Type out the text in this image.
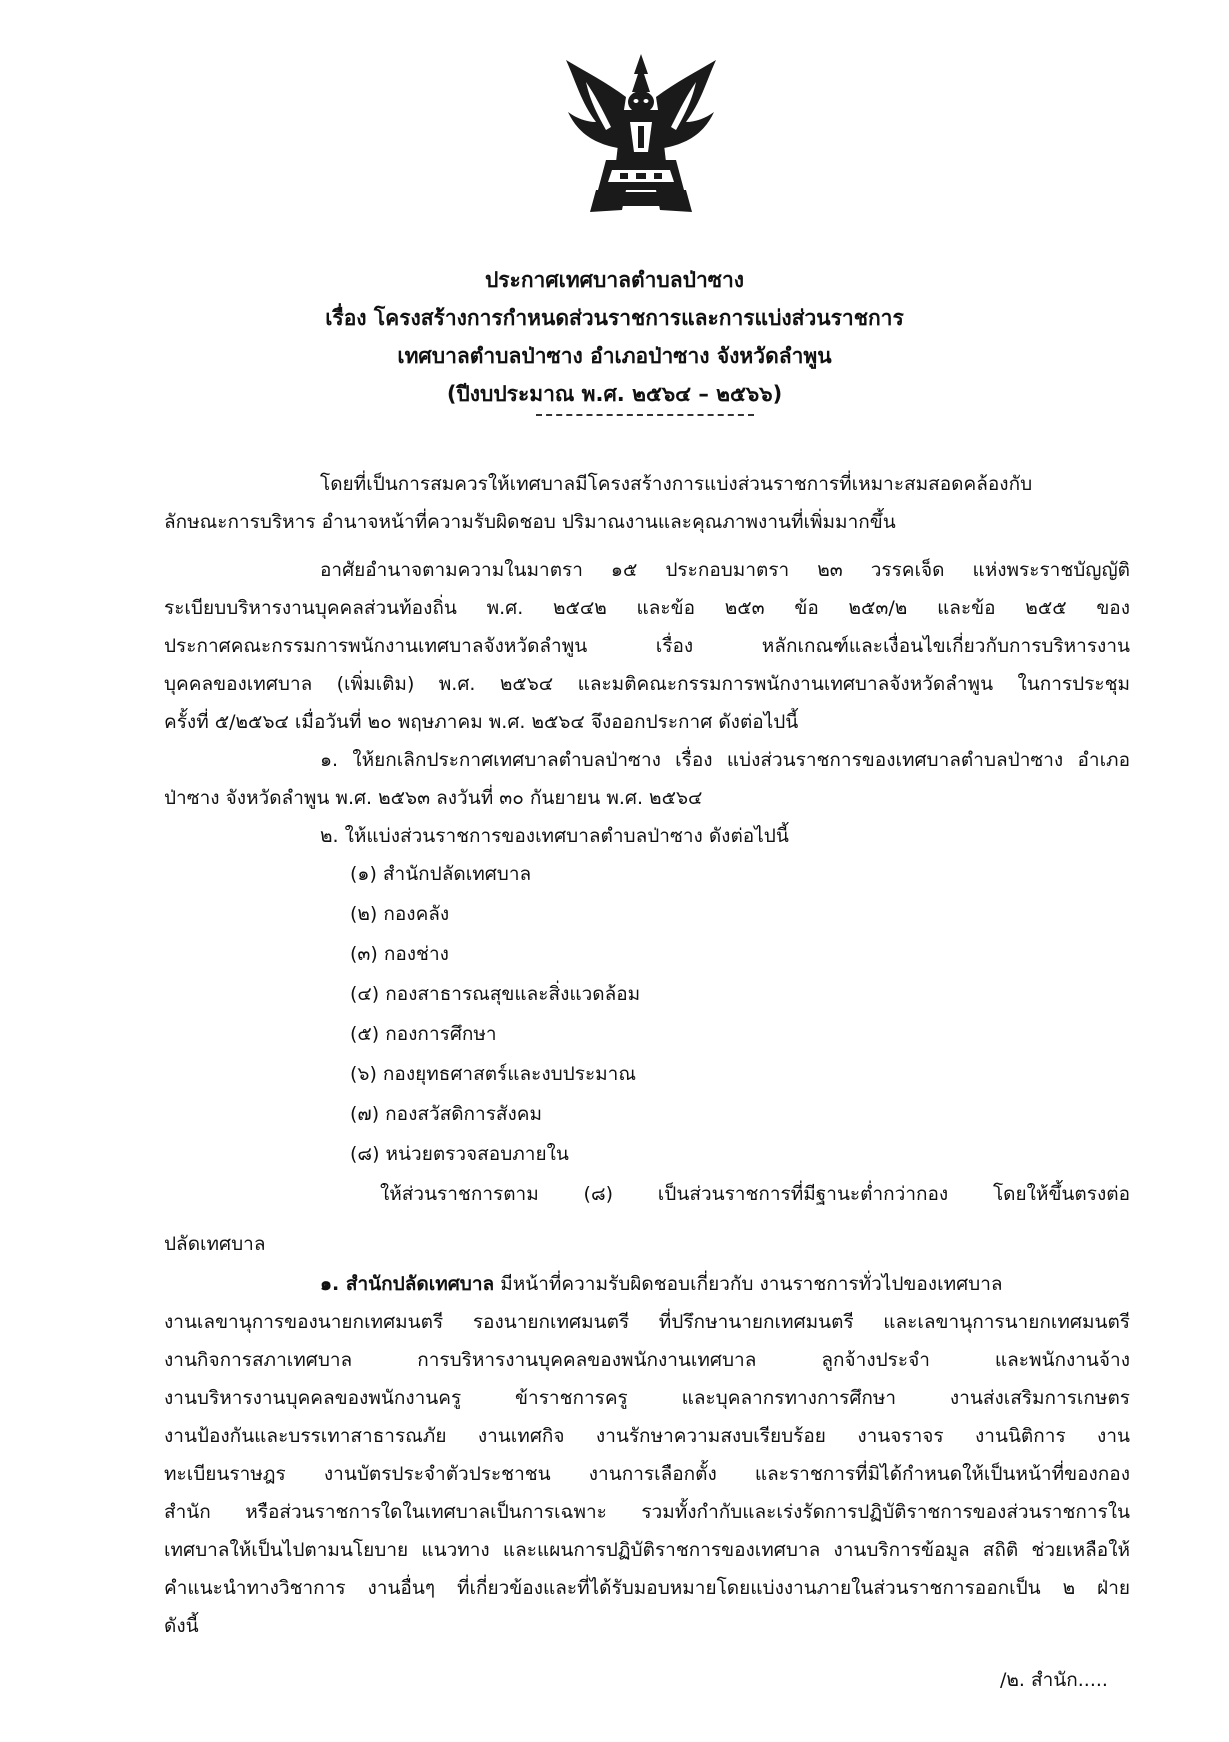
ประกาศเทศบาลตำบลป่าซาง
เรื่อง โครงสร้างการกำหนดส่วนราชการและการแบ่งส่วนราชการ
เทศบาลตำบลป่าซาง อำเภอป่าซาง จังหวัดลำพูน
(ปีงบประมาณ พ.ศ. ๒๕๖๔ – ๒๕๖๖)
โดยที่เป็นการสมควรให้เทศบาลมีโครงสร้างการแบ่งส่วนราชการที่เหมาะสมสอดคล้องกับ
ลักษณะการบริหาร อำนาจหน้าที่ความรับผิดชอบ ปริมาณงานและคุณภาพงานที่เพิ่มมากขึ้น
อาศัยอำนาจตามความในมาตรา ๑๕ ประกอบมาตรา ๒๓ วรรคเจ็ด แห่งพระราชบัญญัติ
ระเบียบบริหารงานบุคคลส่วนท้องถิ่น พ.ศ. ๒๕๔๒ และข้อ ๒๕๓ ข้อ ๒๕๓/๒ และข้อ ๒๕๕ ของ
ประกาศคณะกรรมการพนักงานเทศบาลจังหวัดลำพูน เรื่อง หลักเกณฑ์และเงื่อนไขเกี่ยวกับการบริหารงาน
บุคคลของเทศบาล (เพิ่มเติม) พ.ศ. ๒๕๖๔ และมติคณะกรรมการพนักงานเทศบาลจังหวัดลำพูน ในการประชุม
ครั้งที่ ๕/๒๕๖๔ เมื่อวันที่ ๒๐ พฤษภาคม พ.ศ. ๒๕๖๔ จึงออกประกาศ ดังต่อไปนี้
๑. ให้ยกเลิกประกาศเทศบาลตำบลป่าซาง เรื่อง แบ่งส่วนราชการของเทศบาลตำบลป่าซาง อำเภอ
ป่าซาง จังหวัดลำพูน พ.ศ. ๒๕๖๓ ลงวันที่ ๓๐ กันยายน พ.ศ. ๒๕๖๔
๒. ให้แบ่งส่วนราชการของเทศบาลตำบลป่าซาง ดังต่อไปนี้
(๑) สำนักปลัดเทศบาล
(๒) กองคลัง
(๓) กองช่าง
(๔) กองสาธารณสุขและสิ่งแวดล้อม
(๕) กองการศึกษา
(๖) กองยุทธศาสตร์และงบประมาณ
(๗) กองสวัสดิการสังคม
(๘) หน่วยตรวจสอบภายใน
ให้ส่วนราชการตาม (๘) เป็นส่วนราชการที่มีฐานะต่ำกว่ากอง โดยให้ขึ้นตรงต่อ
ปลัดเทศบาล
๑. สำนักปลัดเทศบาล มีหน้าที่ความรับผิดชอบเกี่ยวกับ งานราชการทั่วไปของเทศบาล
งานเลขานุการของนายกเทศมนตรี รองนายกเทศมนตรี ที่ปรึกษานายกเทศมนตรี และเลขานุการนายกเทศมนตรี
งานกิจการสภาเทศบาล การบริหารงานบุคคลของพนักงานเทศบาล ลูกจ้างประจำ และพนักงานจ้าง
งานบริหารงานบุคคลของพนักงานครู ข้าราชการครู และบุคลากรทางการศึกษา งานส่งเสริมการเกษตร
งานป้องกันและบรรเทาสาธารณภัย งานเทศกิจ งานรักษาความสงบเรียบร้อย งานจราจร งานนิติการ งาน
ทะเบียนราษฎร งานบัตรประจำตัวประชาชน งานการเลือกตั้ง และราชการที่มิได้กำหนดให้เป็นหน้าที่ของกอง
สำนัก หรือส่วนราชการใดในเทศบาลเป็นการเฉพาะ รวมทั้งกำกับและเร่งรัดการปฏิบัติราชการของส่วนราชการใน
เทศบาลให้เป็นไปตามนโยบาย แนวทาง และแผนการปฏิบัติราชการของเทศบาล งานบริการข้อมูล สถิติ ช่วยเหลือให้
คำแนะนำทางวิชาการ งานอื่นๆ ที่เกี่ยวข้องและที่ได้รับมอบหมายโดยแบ่งงานภายในส่วนราชการออกเป็น ๒ ฝ่าย
ดังนี้
/๒. สำนัก.....
